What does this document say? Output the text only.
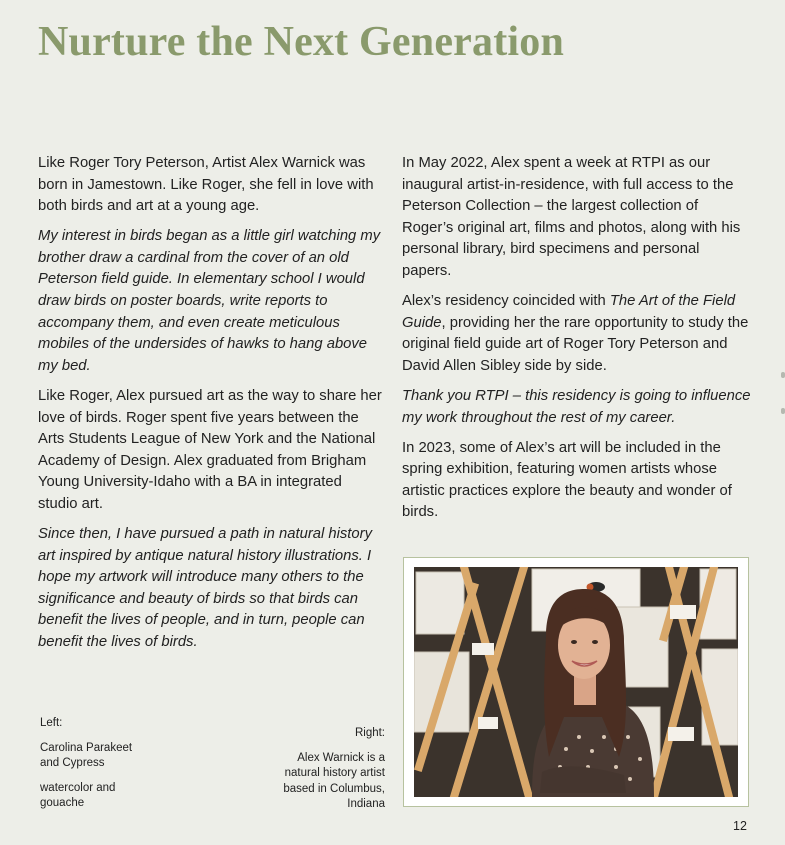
Nurture the Next Generation

Like Roger Tory Peterson, Artist Alex Warnick was born in Jamestown. Like Roger, she fell in love with both birds and art at a young age.

My interest in birds began as a little girl watching my brother draw a cardinal from the cover of an old Peterson field guide. In elementary school I would draw birds on poster boards, write reports to accompany them, and even create meticulous mobiles of the undersides of hawks to hang above my bed.

Like Roger, Alex pursued art as the way to share her love of birds. Roger spent five years between the Arts Students League of New York and the National Academy of Design. Alex graduated from Brigham Young University-Idaho with a BA in integrated studio art.

Since then, I have pursued a path in natural history art inspired by antique natural history illustrations. I hope my artwork will introduce many others to the significance and beauty of birds so that birds can benefit the lives of people, and in turn, people can benefit the lives of birds.

In May 2022, Alex spent a week at RTPI as our inaugural artist-in-residence, with full access to the Peterson Collection – the largest collection of Roger’s original art, films and photos, along with his personal library, bird specimens and personal papers.

Alex’s residency coincided with The Art of the Field Guide, providing her the rare opportunity to study the original field guide art of Roger Tory Peterson and David Allen Sibley side by side.

Thank you RTPI – this residency is going to influence my work throughout the rest of my career.

In 2023, some of Alex’s art will be included in the spring exhibition, featuring women artists whose artistic practices explore the beauty and wonder of birds.

Left:

Carolina Parakeet and Cypress

watercolor and gouache

Right:

Alex Warnick is a natural history artist based in Columbus, Indiana

12
